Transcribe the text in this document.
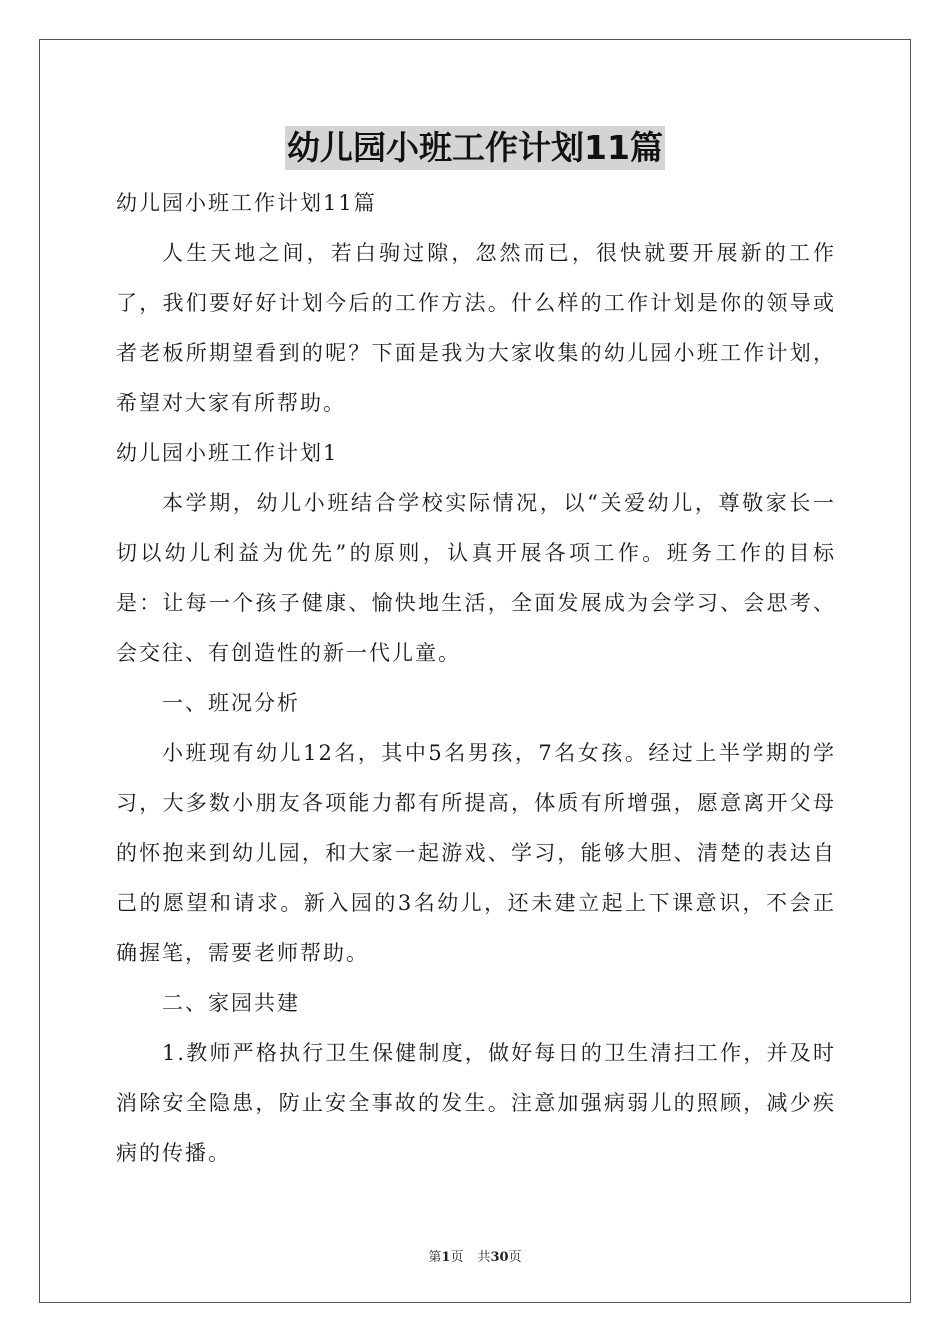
幼儿园小班工作计划11篇

幼儿园小班工作计划11篇

人生天地之间，若白驹过隙，忽然而已，很快就要开展新的工作了，我们要好好计划今后的工作方法。什么样的工作计划是你的领导或者老板所期望看到的呢？下面是我为大家收集的幼儿园小班工作计划，希望对大家有所帮助。

幼儿园小班工作计划1

本学期，幼儿小班结合学校实际情况，以“关爱幼儿，尊敬家长一切以幼儿利益为优先”的原则，认真开展各项工作。班务工作的目标是：让每一个孩子健康、愉快地生活，全面发展成为会学习、会思考、会交往、有创造性的新一代儿童。

一、班况分析

小班现有幼儿12名，其中5名男孩，7名女孩。经过上半学期的学习，大多数小朋友各项能力都有所提高，体质有所增强，愿意离开父母的怀抱来到幼儿园，和大家一起游戏、学习，能够大胆、清楚的表达自己的愿望和请求。新入园的3名幼儿，还未建立起上下课意识，不会正确握笔，需要老师帮助。

二、家园共建

1.教师严格执行卫生保健制度，做好每日的卫生清扫工作，并及时消除安全隐患，防止安全事故的发生。注意加强病弱儿的照顾，减少疾病的传播。

第1页 共30页
